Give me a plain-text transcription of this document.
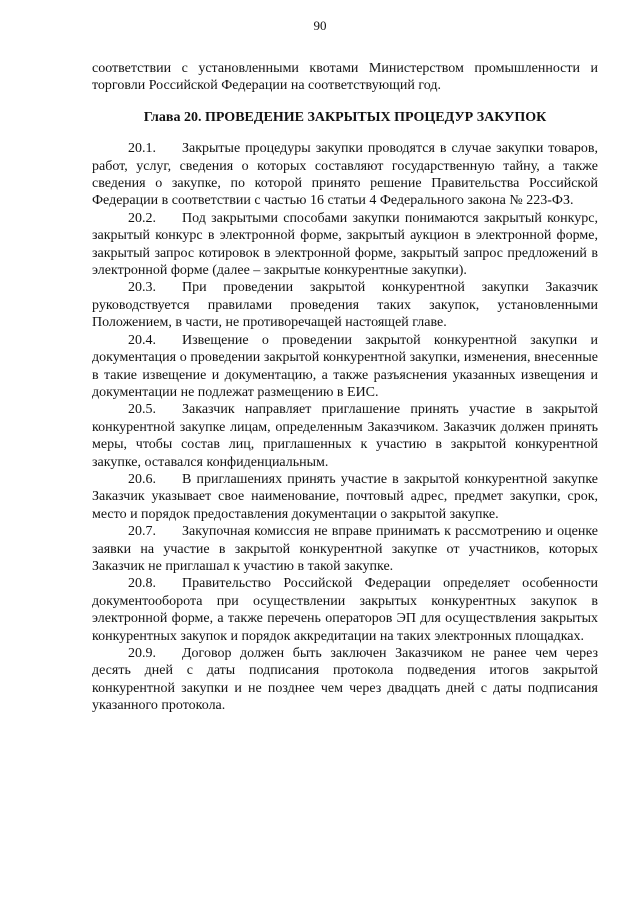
90

соответствии с установленными квотами Министерством промышленности и торговли Российской Федерации на соответствующий год.

Глава 20. ПРОВЕДЕНИЕ ЗАКРЫТЫХ ПРОЦЕДУР ЗАКУПОК

20.1. Закрытые процедуры закупки проводятся в случае закупки товаров, работ, услуг, сведения о которых составляют государственную тайну, а также сведения о закупке, по которой принято решение Правительства Российской Федерации в соответствии с частью 16 статьи 4 Федерального закона № 223-ФЗ.

20.2. Под закрытыми способами закупки понимаются закрытый конкурс, закрытый конкурс в электронной форме, закрытый аукцион в электронной форме, закрытый запрос котировок в электронной форме, закрытый запрос предложений в электронной форме (далее – закрытые конкурентные закупки).

20.3. При проведении закрытой конкурентной закупки Заказчик руководствуется правилами проведения таких закупок, установленными Положением, в части, не противоречащей настоящей главе.

20.4. Извещение о проведении закрытой конкурентной закупки и документация о проведении закрытой конкурентной закупки, изменения, внесенные в такие извещение и документацию, а также разъяснения указанных извещения и документации не подлежат размещению в ЕИС.

20.5. Заказчик направляет приглашение принять участие в закрытой конкурентной закупке лицам, определенным Заказчиком. Заказчик должен принять меры, чтобы состав лиц, приглашенных к участию в закрытой конкурентной закупке, оставался конфиденциальным.

20.6. В приглашениях принять участие в закрытой конкурентной закупке Заказчик указывает свое наименование, почтовый адрес, предмет закупки, срок, место и порядок предоставления документации о закрытой закупке.

20.7. Закупочная комиссия не вправе принимать к рассмотрению и оценке заявки на участие в закрытой конкурентной закупке от участников, которых Заказчик не приглашал к участию в такой закупке.

20.8. Правительство Российской Федерации определяет особенности документооборота при осуществлении закрытых конкурентных закупок в электронной форме, а также перечень операторов ЭП для осуществления закрытых конкурентных закупок и порядок аккредитации на таких электронных площадках.

20.9. Договор должен быть заключен Заказчиком не ранее чем через десять дней с даты подписания протокола подведения итогов закрытой конкурентной закупки и не позднее чем через двадцать дней с даты подписания указанного протокола.
